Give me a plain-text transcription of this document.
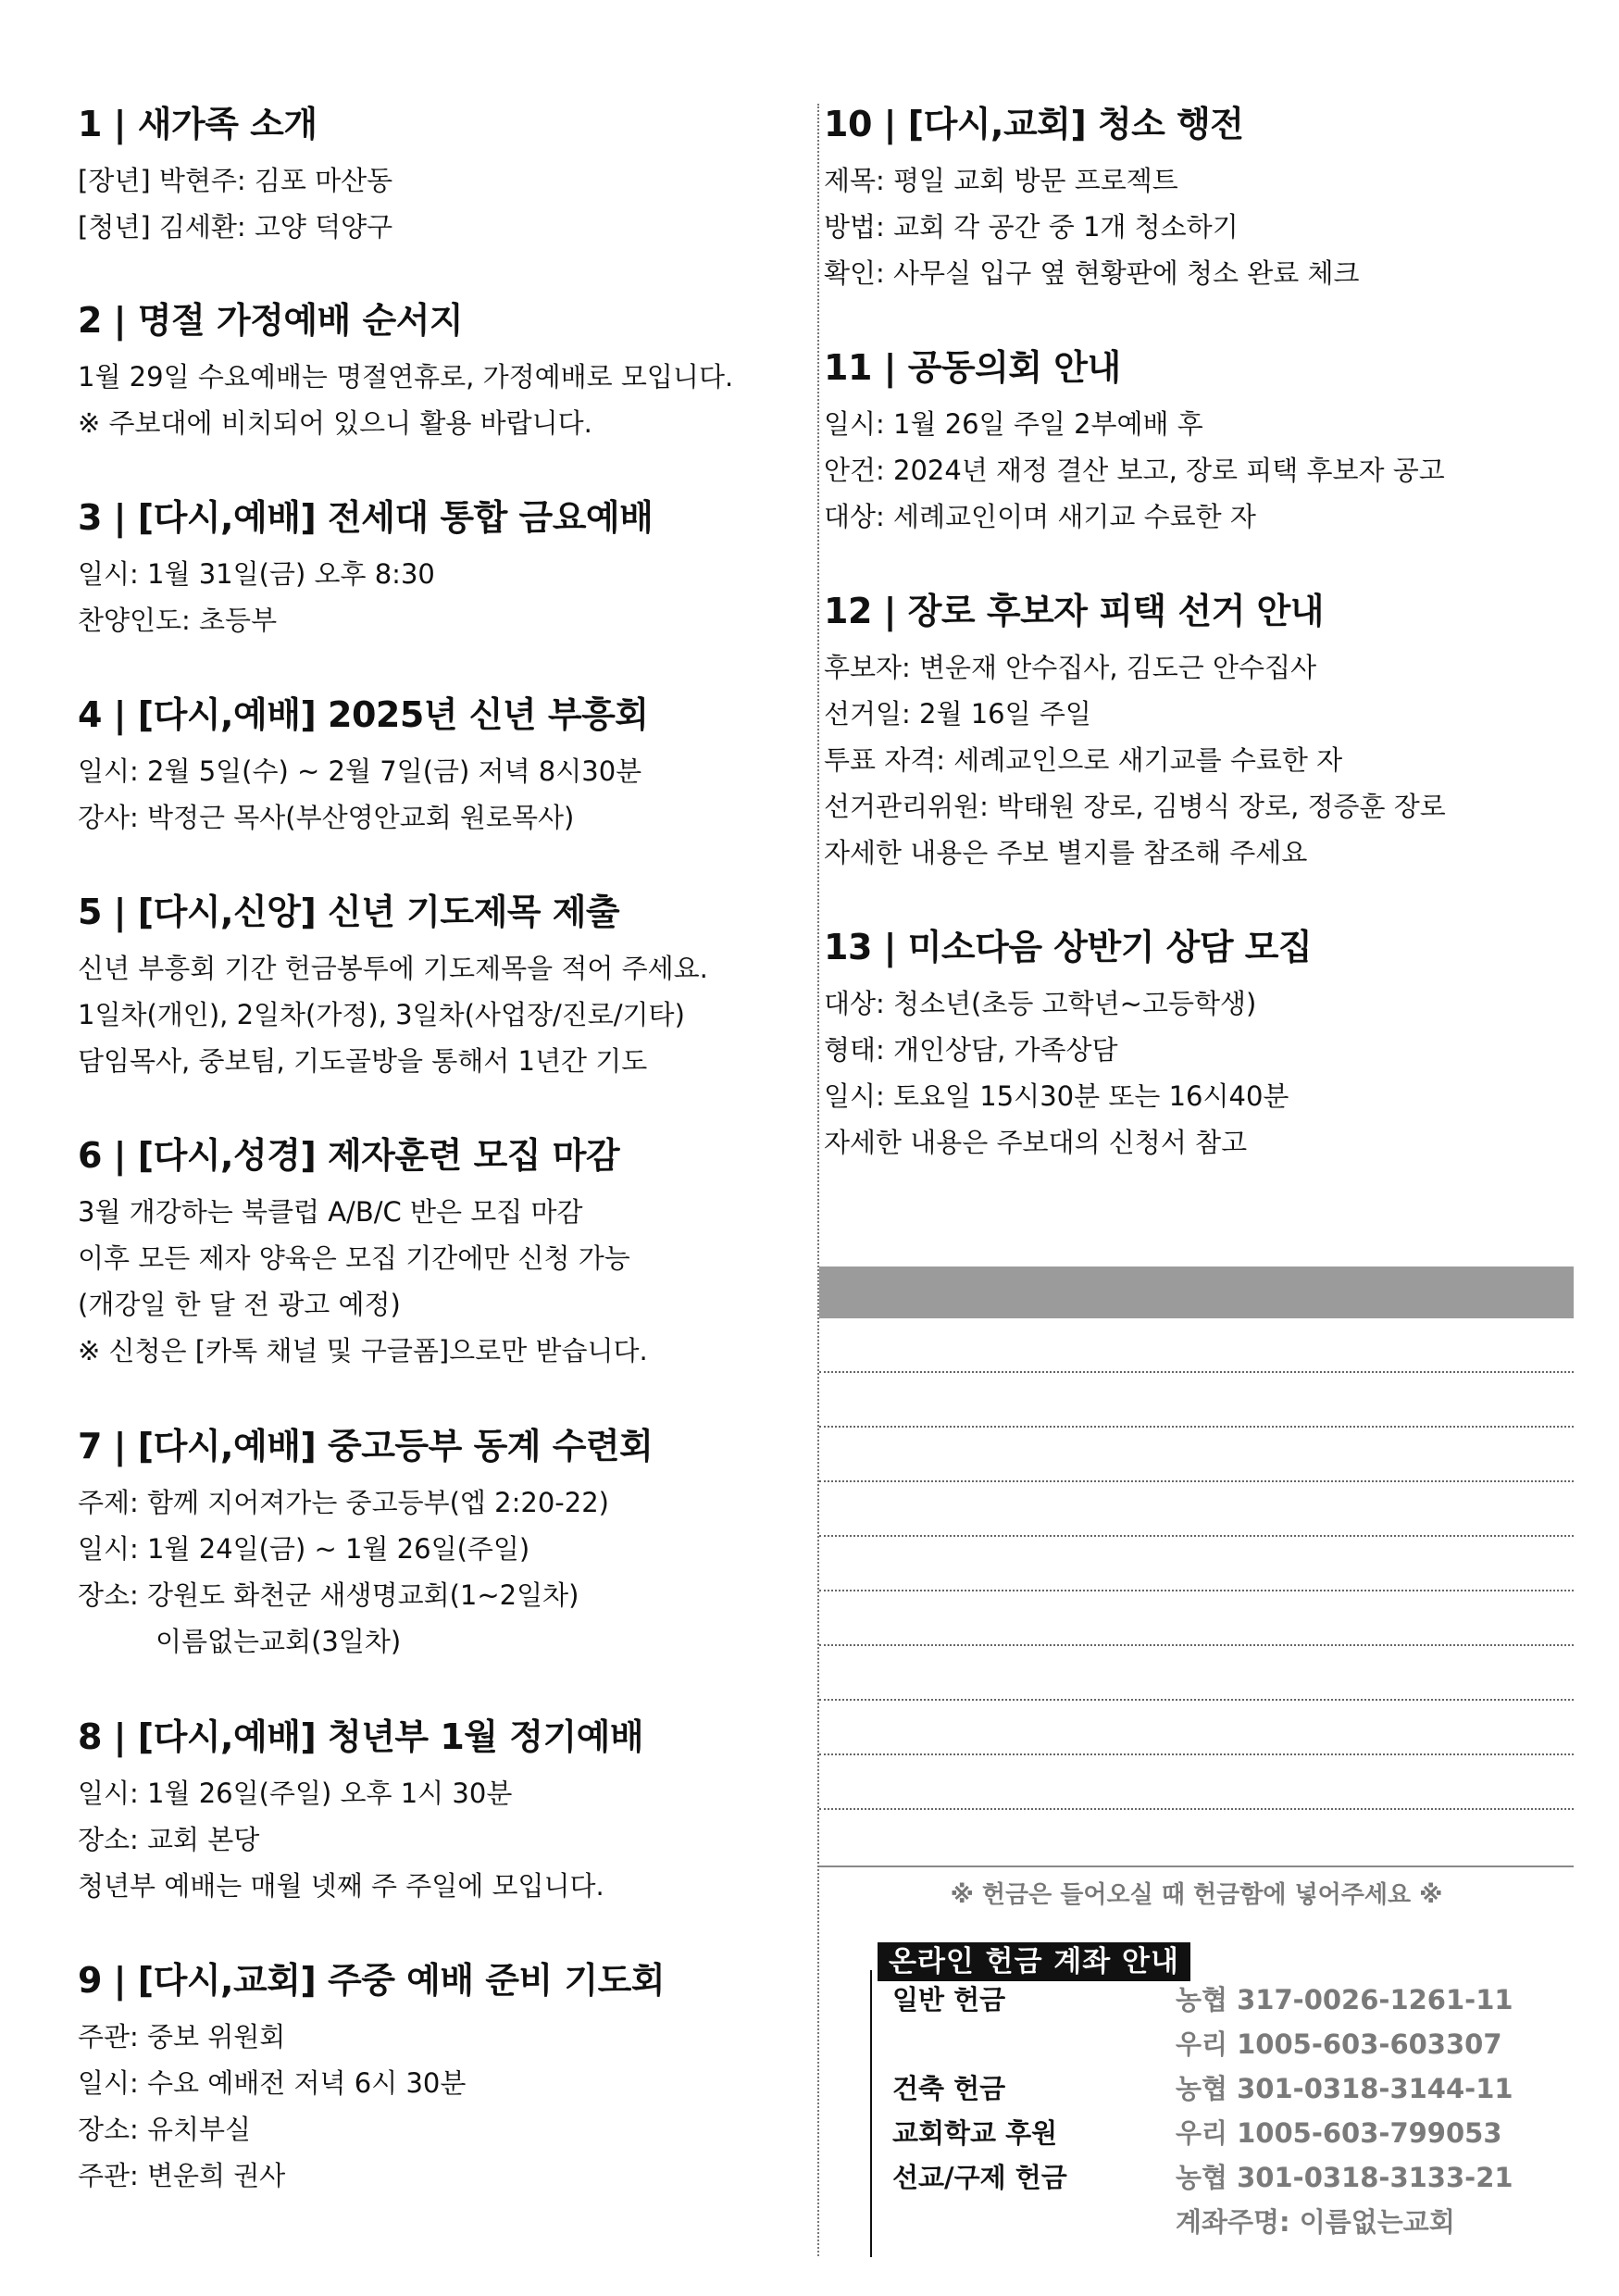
1 | 새가족 소개
[장년] 박현주: 김포 마산동
[청년] 김세환: 고양 덕양구
2 | 명절 가정예배 순서지
1월 29일 수요예배는 명절연휴로, 가정예배로 모입니다.
※ 주보대에 비치되어 있으니 활용 바랍니다.
3 | [다시,예배] 전세대 통합 금요예배
일시: 1월 31일(금) 오후 8:30
찬양인도: 초등부
4 | [다시,예배] 2025년 신년 부흥회
일시: 2월 5일(수) ~ 2월 7일(금) 저녁 8시30분
강사: 박정근 목사(부산영안교회 원로목사)
5 | [다시,신앙] 신년 기도제목 제출
신년 부흥회 기간 헌금봉투에 기도제목을 적어 주세요.
1일차(개인), 2일차(가정), 3일차(사업장/진로/기타)
담임목사, 중보팀, 기도골방을 통해서 1년간 기도
6 | [다시,성경] 제자훈련 모집 마감
3월 개강하는 북클럽 A/B/C 반은 모집 마감
이후 모든 제자 양육은 모집 기간에만 신청 가능
(개강일 한 달 전 광고 예정)
※ 신청은 [카톡 채널 및 구글폼]으로만 받습니다.
7 | [다시,예배] 중고등부 동계 수련회
주제: 함께 지어져가는 중고등부(엡 2:20-22)
일시: 1월 24일(금) ~ 1월 26일(주일)
장소: 강원도 화천군 새생명교회(1~2일차)
이름없는교회(3일차)
8 | [다시,예배] 청년부 1월 정기예배
일시: 1월 26일(주일) 오후 1시 30분
장소: 교회 본당
청년부 예배는 매월 넷째 주 주일에 모입니다.
9 | [다시,교회] 주중 예배 준비 기도회
주관: 중보 위원회
일시: 수요 예배전 저녁 6시 30분
장소: 유치부실
주관: 변운희 권사
10 | [다시,교회] 청소 행전
제목: 평일 교회 방문 프로젝트
방법: 교회 각 공간 중 1개 청소하기
확인: 사무실 입구 옆 현황판에 청소 완료 체크
11 | 공동의회 안내
일시: 1월 26일 주일 2부예배 후
안건: 2024년 재정 결산 보고, 장로 피택 후보자 공고
대상: 세례교인이며 새기교 수료한 자
12 | 장로 후보자 피택 선거 안내
후보자: 변운재 안수집사, 김도근 안수집사
선거일: 2월 16일 주일
투표 자격: 세례교인으로 새기교를 수료한 자
선거관리위원: 박태원 장로, 김병식 장로, 정증훈 장로
자세한 내용은 주보 별지를 참조해 주세요
13 | 미소다음 상반기 상담 모집
대상: 청소년(초등 고학년~고등학생)
형태: 개인상담, 가족상담
일시: 토요일 15시30분 또는 16시40분
자세한 내용은 주보대의 신청서 참고
※ 헌금은 들어오실 때 헌금함에 넣어주세요 ※
온라인 헌금 계좌 안내
일반 헌금	농협 317-0026-1261-11
우리 1005-603-603307
건축 헌금	농협 301-0318-3144-11
교회학교 후원	우리 1005-603-799053
선교/구제 헌금	농협 301-0318-3133-21
계좌주명: 이름없는교회
